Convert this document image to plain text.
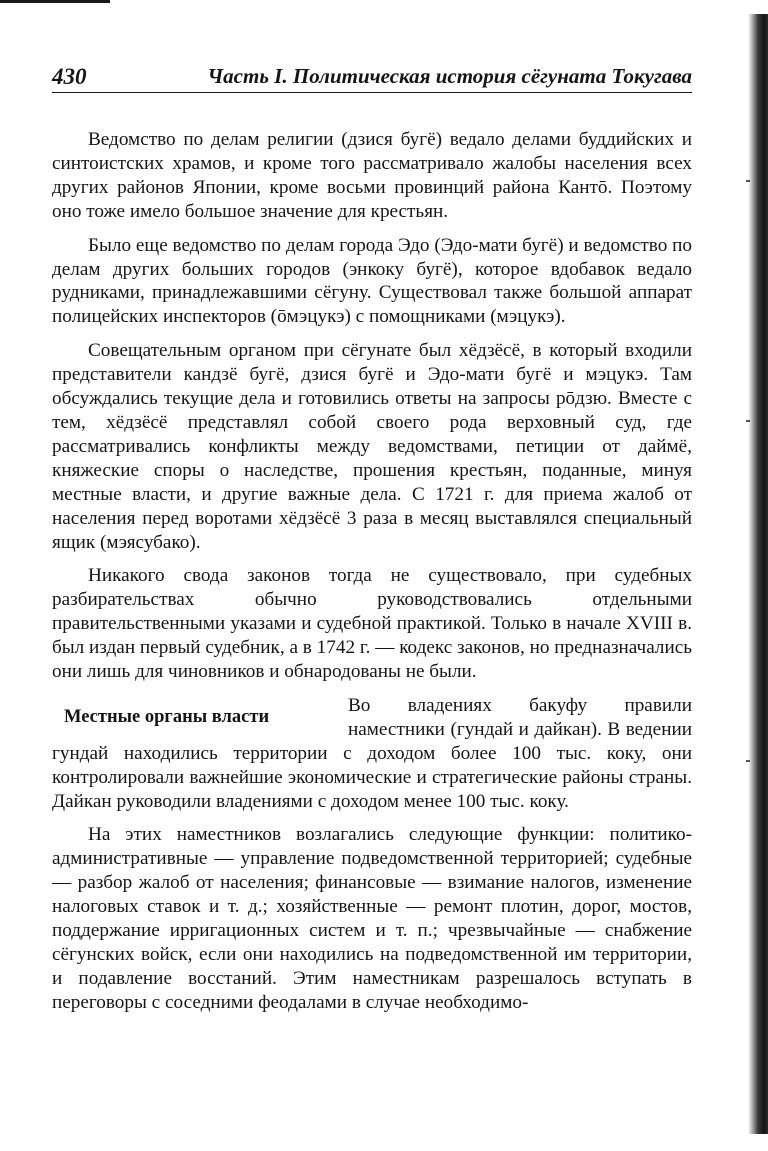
430	Часть I. Политическая история сёгуната Токугава

Ведомство по делам религии (дзися бугё) ведало делами буддийских и синтоистских храмов, и кроме того рассматривало жалобы населения всех других районов Японии, кроме восьми провинций района Кантō. Поэтому оно тоже имело большое значение для крестьян.

Было еще ведомство по делам города Эдо (Эдо-мати бугё) и ведомство по делам других больших городов (энкоку бугё), которое вдобавок ведало рудниками, принадлежавшими сёгуну. Существовал также большой аппарат полицейских инспекторов (ōмэцукэ) с помощниками (мэцукэ).

Совещательным органом при сёгунате был хёдзёсё, в который входили представители кандзё бугё, дзися бугё и Эдо-мати бугё и мэцукэ. Там обсуждались текущие дела и готовились ответы на запросы рōдзю. Вместе с тем, хёдзёсё представлял собой своего рода верховный суд, где рассматривались конфликты между ведомствами, петиции от даймё, княжеские споры о наследстве, прошения крестьян, поданные, минуя местные власти, и другие важные дела. С 1721 г. для приема жалоб от населения перед воротами хёдзёсё 3 раза в месяц выставлялся специальный ящик (мэясубако).

Никакого свода законов тогда не существовало, при судебных разбирательствах обычно руководствовались отдельными правительственными указами и судебной практикой. Только в начале XVIII в. был издан первый судебник, а в 1742 г. — кодекс законов, но предназначались они лишь для чиновников и обнародованы не были.

Местные органы власти

Во владениях бакуфу правили наместники (гундай и дайкан). В ведении гундай находились территории с доходом более 100 тыс. коку, они контролировали важнейшие экономические и стратегические районы страны. Дайкан руководили владениями с доходом менее 100 тыс. коку.

На этих наместников возлагались следующие функции: политико-административные — управление подведомственной территорией; судебные — разбор жалоб от населения; финансовые — взимание налогов, изменение налоговых ставок и т. д.; хозяйственные — ремонт плотин, дорог, мостов, поддержание ирригационных систем и т. п.; чрезвычайные — снабжение сёгунских войск, если они находились на подведомственной им территории, и подавление восстаний. Этим наместникам разрешалось вступать в переговоры с соседними феодалами в случае необходимо-
